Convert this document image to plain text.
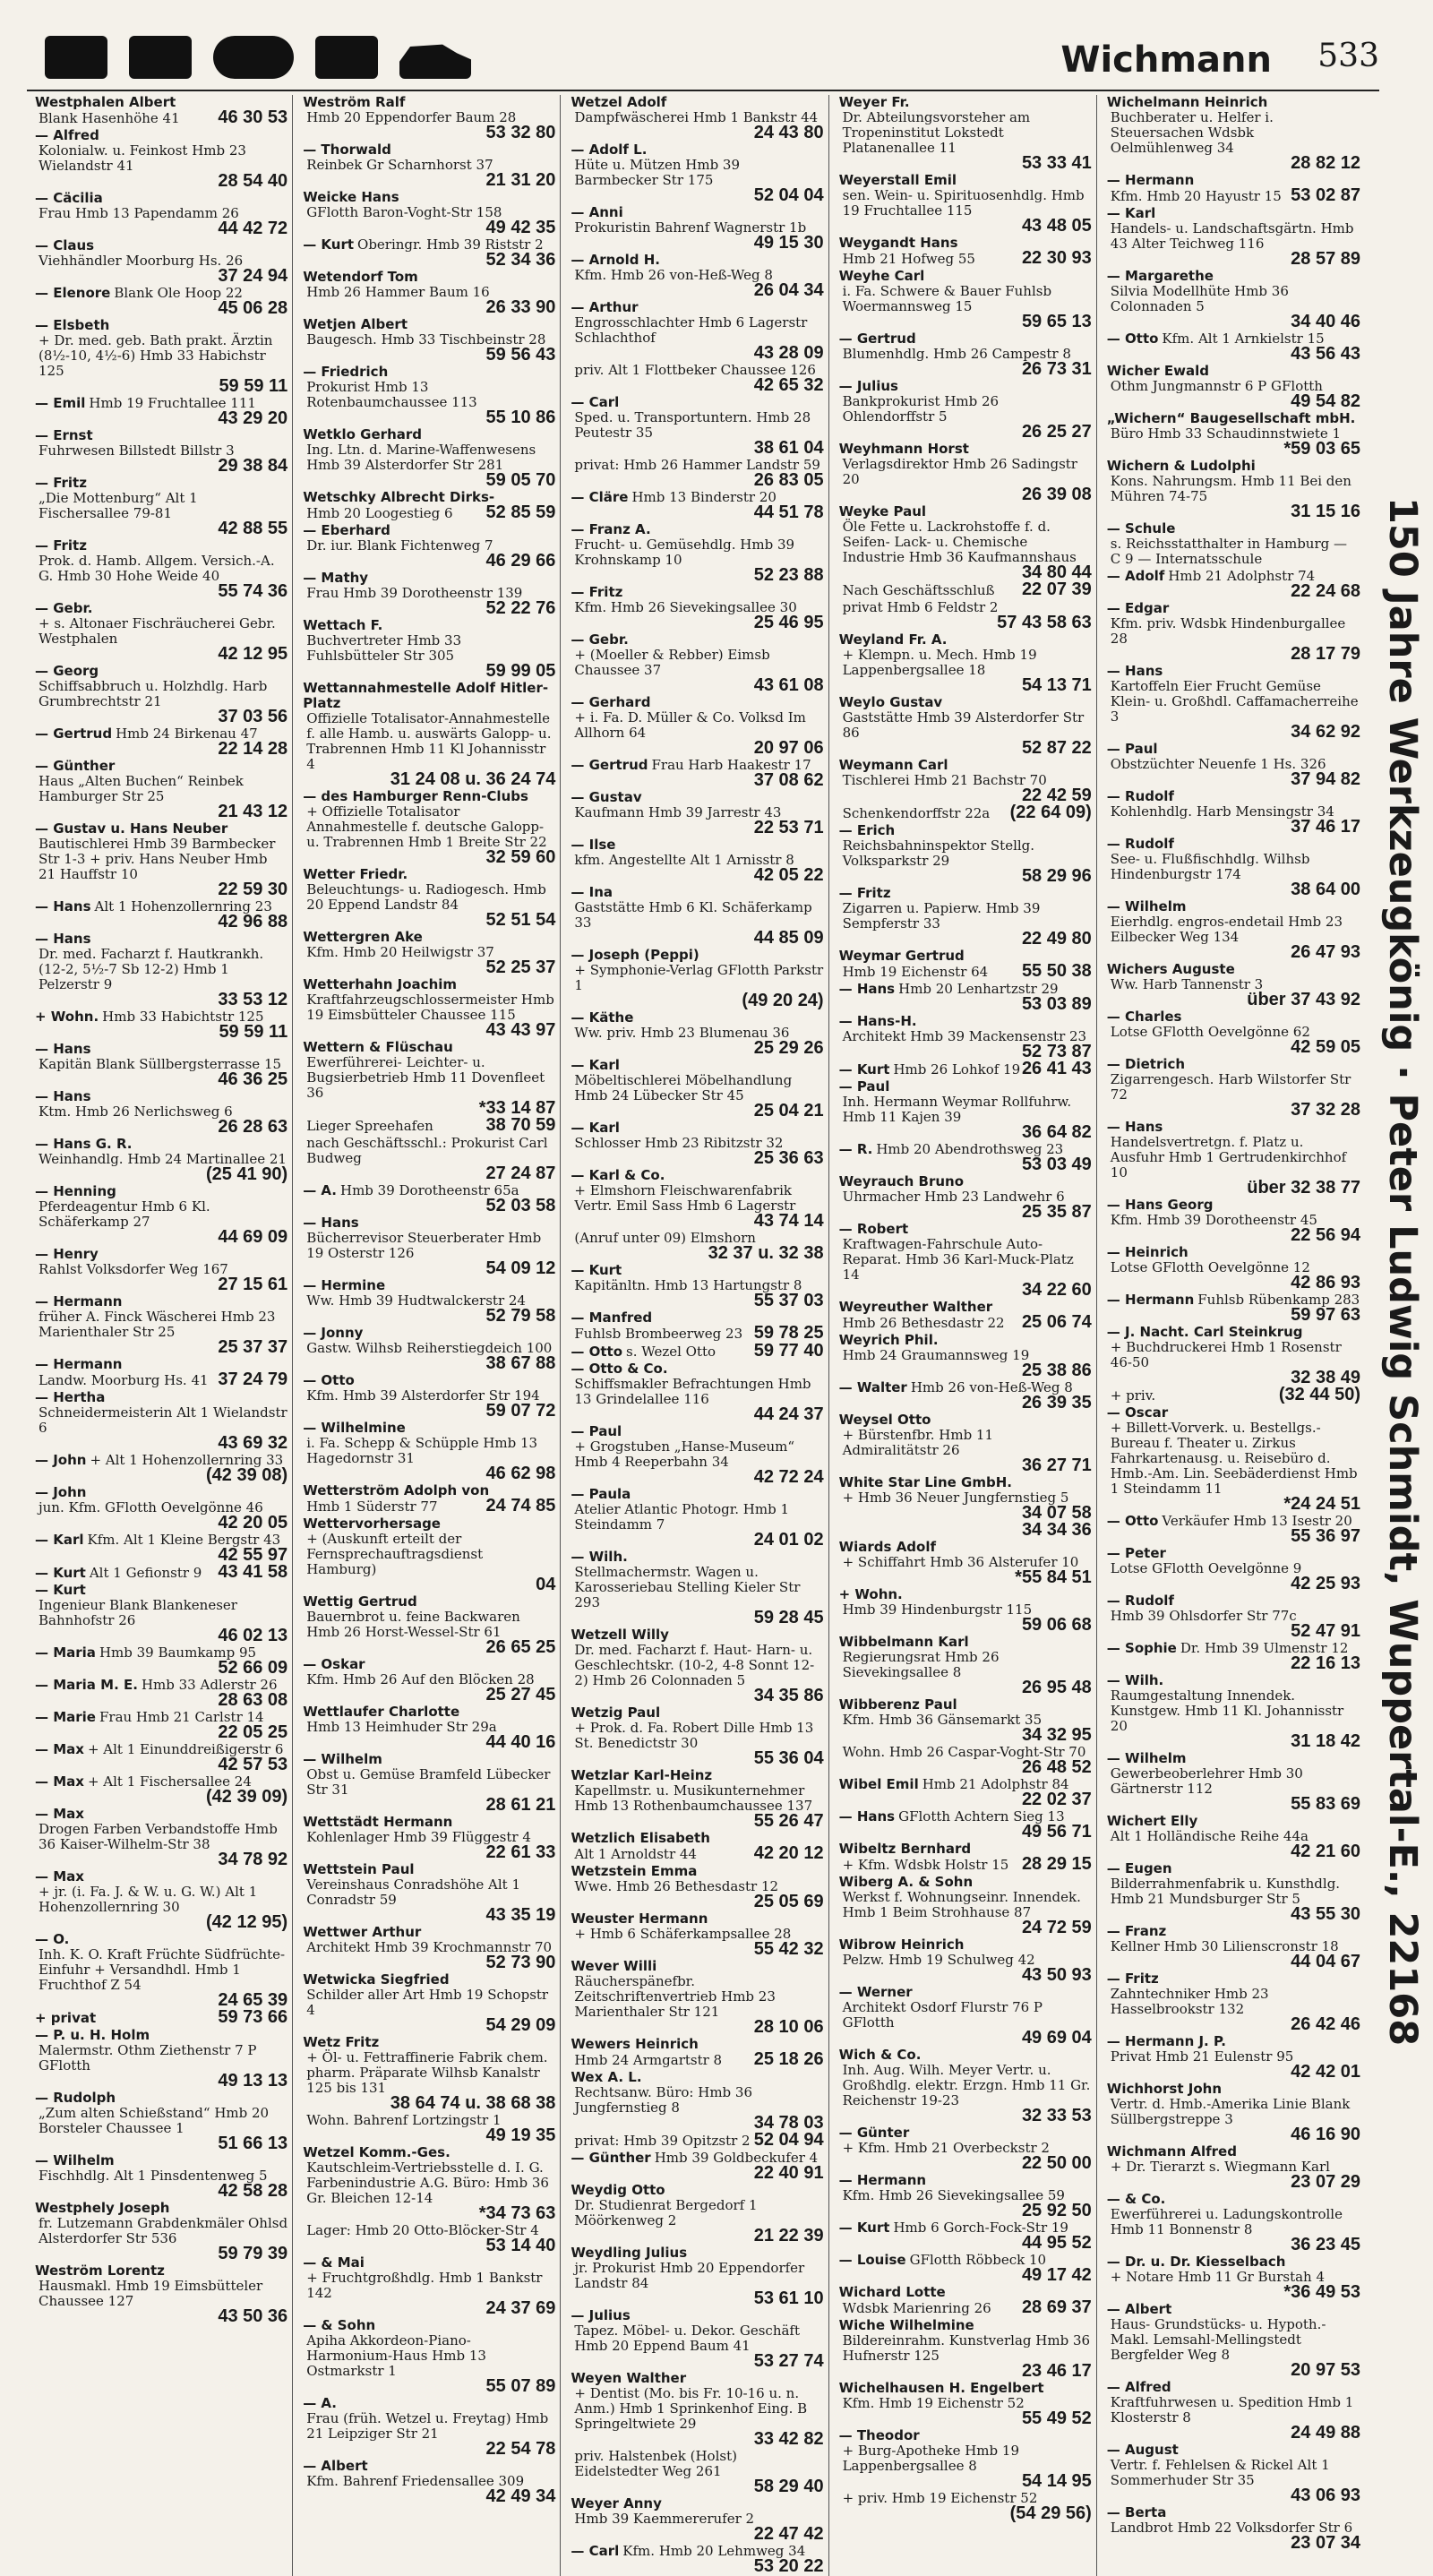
Wichmann 533
Westphalen Albert
Blank Hasenhöhe 41	46 30 53
— Alfred
Kolonialw. u. Feinkost Hmb 23 Wielandstr 41
28 54 40
— Cäcilia
Frau Hmb 13 Papendamm 26
44 42 72
— Claus
Viehhändler Moorburg Hs. 26
37 24 94
— Elenore Blank Ole Hoop 22
45 06 28
— Elsbeth
+ Dr. med. geb. Bath prakt. Ärztin (8½-10, 4½-6) Hmb 33 Habichstr 125
59 59 11
— Emil Hmb 19 Fruchtallee 111
43 29 20
— Ernst
Fuhrwesen Billstedt Billstr 3
29 38 84
— Fritz
„Die Mottenburg“ Alt 1 Fischersallee 79-81
42 88 55
— Fritz
Prok. d. Hamb. Allgem. Versich.-A. G. Hmb 30 Hohe Weide 40
55 74 36
— Gebr.
+ s. Altonaer Fischräucherei Gebr. Westphalen
42 12 95
— Georg
Schiffsabbruch u. Holzhdlg. Harb Grumbrechtstr 21
37 03 56
— Gertrud Hmb 24 Birkenau 47
22 14 28
— Günther
Haus „Alten Buchen“ Reinbek Hamburger Str 25
21 43 12
— Gustav u. Hans Neuber
Bautischlerei Hmb 39 Barmbecker Str 1-3 + priv. Hans Neuber Hmb 21 Hauffstr 10
22 59 30
— Hans Alt 1 Hohenzollernring 23
42 96 88
— Hans
Dr. med. Facharzt f. Hautkrankh. (12-2, 5½-7 Sb 12-2) Hmb 1 Pelzerstr 9
33 53 12
+ Wohn. Hmb 33 Habichtstr 125
59 59 11
— Hans
Kapitän Blank Süllbergsterrasse 15
46 36 25
— Hans
Ktm. Hmb 26 Nerlichsweg 6
26 28 63
— Hans G. R.
Weinhandlg. Hmb 24 Martinallee 21
(25 41 90)
— Henning
Pferdeagentur Hmb 6 Kl. Schäferkamp 27
44 69 09
— Henry
Rahlst Volksdorfer Weg 167
27 15 61
— Hermann
früher A. Finck Wäscherei Hmb 23 Marienthaler Str 25
25 37 37
— Hermann
Landw. Moorburg Hs. 41 37 24 79
— Hertha
Schneidermeisterin Alt 1 Wielandstr 6
43 69 32
— John + Alt 1 Hohenzollernring 33
(42 39 08)
— John
jun. Kfm. GFlotth Oevelgönne 46
42 20 05
— Karl Kfm. Alt 1 Kleine Bergstr 43
42 55 97
— Kurt Alt 1 Gefionstr 9 43 41 58
— Kurt
Ingenieur Blank Blankeneser Bahnhofstr 26
46 02 13
— Maria Hmb 39 Baumkamp 95
52 66 09
— Maria M. E. Hmb 33 Adlerstr 26
28 63 08
— Marie Frau Hmb 21 Carlstr 14
22 05 25
— Max + Alt 1 Einunddreißigerstr 6
42 57 53
— Max + Alt 1 Fischersallee 24
(42 39 09)
— Max
Drogen Farben Verbandstoffe Hmb 36 Kaiser-Wilhelm-Str 38
34 78 92
— Max
+ jr. (i. Fa. J. & W. u. G. W.) Alt 1 Hohenzollernring 30
(42 12 95)
— O.
Inh. K. O. Kraft Früchte Südfrüchte-Einfuhr + Versandhdl. Hmb 1 Fruchthof Z 54
24 65 39
+ privat	59 73 66
— P. u. H. Holm
Malermstr. Othm Ziethenstr 7 P GFlotth
49 13 13
— Rudolph
„Zum alten Schießstand“ Hmb 20 Borsteler Chaussee 1
51 66 13
— Wilhelm
Fischhdlg. Alt 1 Pinsdentenweg 5
42 58 28
Westphely Joseph
fr. Lutzemann Grabdenkmäler Ohlsd Alsterdorfer Str 536
59 79 39
Weström Lorentz
Hausmakl. Hmb 19 Eimsbütteler Chaussee 127
43 50 36
Weström Ralf
Hmb 20 Eppendorfer Baum 28
53 32 80
— Thorwald
Reinbek Gr Scharnhorst 37
21 31 20
Weicke Hans
GFlotth Baron-Voght-Str 158
49 42 35
— Kurt Oberingr. Hmb 39 Riststr 2
52 34 36
Wetendorf Tom
Hmb 26 Hammer Baum 16
26 33 90
Wetjen Albert
Baugesch. Hmb 33 Tischbeinstr 28
59 56 43
— Friedrich
Prokurist Hmb 13 Rotenbaumchaussee 113
55 10 86
Wetklo Gerhard
Ing. Ltn. d. Marine-Waffenwesens Hmb 39 Alsterdorfer Str 281
59 05 70
Wetschky Albrecht Dirks-
Hmb 20 Loogestieg 6	52 85 59
— Eberhard
Dr. iur. Blank Fichtenweg 7
46 29 66
— Mathy
Frau Hmb 39 Dorotheenstr 139
52 22 76
Wettach F.
Buchvertreter Hmb 33 Fuhlsbütteler Str 305
59 99 05
Wettannahmestelle Adolf Hitler-Platz
Offizielle Totalisator-Annahmestelle f. alle Hamb. u. auswärts Galopp- u. Trabrennen Hmb 11 Kl Johannisstr 4
31 24 08 u. 36 24 74
— des Hamburger Renn-Clubs
+ Offizielle Totalisator Annahmestelle f. deutsche Galopp- u. Trabrennen Hmb 1 Breite Str 22
32 59 60
Wetter Friedr.
Beleuchtungs- u. Radiogesch. Hmb 20 Eppend Landstr 84
52 51 54
Wettergren Ake
Kfm. Hmb 20 Heilwigstr 37
52 25 37
Wetterhahn Joachim
Kraftfahrzeugschlossermeister Hmb 19 Eimsbütteler Chaussee 115
43 43 97
Wettern & Flüschau
Ewerführerei- Leichter- u. Bugsierbetrieb Hmb 11 Dovenfleet 36
*33 14 87
Lieger Spreehafen	38 70 59
nach Geschäftsschl.: Prokurist Carl Budweg
27 24 87
— A. Hmb 39 Dorotheenstr 65a
52 03 58
— Hans
Bücherrevisor Steuerberater Hmb 19 Osterstr 126
54 09 12
— Hermine
Ww. Hmb 39 Hudtwalckerstr 24
52 79 58
— Jonny
Gastw. Wilhsb Reiherstiegdeich 100
38 67 88
— Otto
Kfm. Hmb 39 Alsterdorfer Str 194
59 07 72
— Wilhelmine
i. Fa. Schepp & Schüpple Hmb 13 Hagedornstr 31
46 62 98
Wetterström Adolph von
Hmb 1 Süderstr 77	24 74 85
Wettervorhersage
+ (Auskunft erteilt der Fernsprechauftragsdienst Hamburg)
04
Wettig Gertrud
Bauernbrot u. feine Backwaren Hmb 26 Horst-Wessel-Str 61
26 65 25
— Oskar
Kfm. Hmb 26 Auf den Blöcken 28
25 27 45
Wettlaufer Charlotte
Hmb 13 Heimhuder Str 29a
44 40 16
— Wilhelm
Obst u. Gemüse Bramfeld Lübecker Str 31
28 61 21
Wettstädt Hermann
Kohlenlager Hmb 39 Flüggestr 4
22 61 33
Wettstein Paul
Vereinshaus Conradshöhe Alt 1 Conradstr 59
43 35 19
Wettwer Arthur
Architekt Hmb 39 Krochmannstr 70
52 73 90
Wetwicka Siegfried
Schilder aller Art Hmb 19 Schopstr 4
54 29 09
Wetz Fritz
+ Öl- u. Fettraffinerie Fabrik chem. pharm. Präparate Wilhsb Kanalstr 125 bis 131
38 64 74 u. 38 68 38
Wohn. Bahrenf Lortzingstr 1
49 19 35
Wetzel Komm.-Ges.
Kautschleim-Vertriebsstelle d. I. G. Farbenindustrie A.G. Büro: Hmb 36 Gr. Bleichen 12-14
*34 73 63
Lager: Hmb 20 Otto-Blöcker-Str 4
53 14 40
— & Mai
+ Fruchtgroßhdlg. Hmb 1 Bankstr 142
24 37 69
— & Sohn
Apiha Akkordeon-Piano-Harmonium-Haus Hmb 13 Ostmarkstr 1
55 07 89
— A.
Frau (früh. Wetzel u. Freytag) Hmb 21 Leipziger Str 21
22 54 78
— Albert
Kfm. Bahrenf Friedensallee 309
42 49 34
Wetzel Adolf
Dampfwäscherei Hmb 1 Bankstr 44
24 43 80
— Adolf L.
Hüte u. Mützen Hmb 39 Barmbecker Str 175
52 04 04
— Anni
Prokuristin Bahrenf Wagnerstr 1b
49 15 30
— Arnold H.
Kfm. Hmb 26 von-Heß-Weg 8
26 04 34
— Arthur
Engrosschlachter Hmb 6 Lagerstr Schlachthof
43 28 09
priv. Alt 1 Flottbeker Chaussee 126
42 65 32
— Carl
Sped. u. Transportuntern. Hmb 28 Peutestr 35
38 61 04
privat: Hmb 26 Hammer Landstr 59
26 83 05
— Cläre Hmb 13 Binderstr 20
44 51 78
— Franz A.
Frucht- u. Gemüsehdlg. Hmb 39 Krohnskamp 10
52 23 88
— Fritz
Kfm. Hmb 26 Sievekingsallee 30
25 46 95
— Gebr.
+ (Moeller & Rebber) Eimsb Chaussee 37
43 61 08
— Gerhard
+ i. Fa. D. Müller & Co. Volksd Im Allhorn 64
20 97 06
— Gertrud Frau Harb Haakestr 17
37 08 62
— Gustav
Kaufmann Hmb 39 Jarrestr 43
22 53 71
— Ilse
kfm. Angestellte Alt 1 Arnisstr 8
42 05 22
— Ina
Gaststätte Hmb 6 Kl. Schäferkamp 33
44 85 09
— Joseph (Peppi)
+ Symphonie-Verlag GFlotth Parkstr 1
(49 20 24)
— Käthe
Ww. priv. Hmb 23 Blumenau 36
25 29 26
— Karl
Möbeltischlerei Möbelhandlung Hmb 24 Lübecker Str 45
25 04 21
— Karl
Schlosser Hmb 23 Ribitzstr 32
25 36 63
— Karl & Co.
+ Elmshorn Fleischwarenfabrik Vertr. Emil Sass Hmb 6 Lagerstr
43 74 14
(Anruf unter 09) Elmshorn
32 37 u. 32 38
— Kurt
Kapitänltn. Hmb 13 Hartungstr 8
55 37 03
— Manfred
Fuhlsb Brombeerweg 23 59 78 25
— Otto s. Wezel Otto	59 77 40
— Otto & Co.
Schiffsmakler Befrachtungen Hmb 13 Grindelallee 116
44 24 37
— Paul
+ Grogstuben „Hanse-Museum“ Hmb 4 Reeperbahn 34
42 72 24
— Paula
Atelier Atlantic Photogr. Hmb 1 Steindamm 7
24 01 02
— Wilh.
Stellmachermstr. Wagen u. Karosseriebau Stelling Kieler Str 293
59 28 45
Wetzell Willy
Dr. med. Facharzt f. Haut- Harn- u. Geschlechtskr. (10-2, 4-8 Sonnt 12-2) Hmb 26 Colonnaden 5
34 35 86
Wetzig Paul
+ Prok. d. Fa. Robert Dille Hmb 13 St. Benedictstr 30
55 36 04
Wetzlar Karl-Heinz
Kapellmstr. u. Musikunternehmer Hmb 13 Rothenbaumchaussee 137
55 26 47
Wetzlich Elisabeth
Alt 1 Arnoldstr 44	42 20 12
Wetzstein Emma
Wwe. Hmb 26 Bethesdastr 12
25 05 69
Weuster Hermann
+ Hmb 6 Schäferkampsallee 28
55 42 32
Wever Willi
Räucherspänefbr. Zeitschriftenvertrieb Hmb 23 Marienthaler Str 121
28 10 06
Wewers Heinrich
Hmb 24 Armgartstr 8	25 18 26
Wex A. L.
Rechtsanw. Büro: Hmb 36 Jungfernstieg 8
34 78 03
privat: Hmb 39 Opitzstr 2 52 04 94
— Günther Hmb 39 Goldbeckufer 4
22 40 91
Weydig Otto
Dr. Studienrat Bergedorf 1 Möörkenweg 2
21 22 39
Weydling Julius
jr. Prokurist Hmb 20 Eppendorfer Landstr 84
53 61 10
— Julius
Tapez. Möbel- u. Dekor. Geschäft Hmb 20 Eppend Baum 41
53 27 74
Weyen Walther
+ Dentist (Mo. bis Fr. 10-16 u. n. Anm.) Hmb 1 Sprinkenhof Eing. B Springeltwiete 29
33 42 82
priv. Halstenbek (Holst) Eidelstedter Weg 261
58 29 40
Weyer Anny
Hmb 39 Kaemmererufer 2
22 47 42
— Carl Kfm. Hmb 20 Lehmweg 34
53 20 22
Weyer Fr.
Dr. Abteilungsvorsteher am Tropeninstitut Lokstedt Platanenallee 11
53 33 41
Weyerstall Emil
sen. Wein- u. Spirituosenhdlg. Hmb 19 Fruchtallee 115
43 48 05
Weygandt Hans
Hmb 21 Hofweg 55	22 30 93
Weyhe Carl
i. Fa. Schwere & Bauer Fuhlsb Woermannsweg 15
59 65 13
— Gertrud
Blumenhdlg. Hmb 26 Campestr 8
26 73 31
— Julius
Bankprokurist Hmb 26 Ohlendorffstr 5
26 25 27
Weyhmann Horst
Verlagsdirektor Hmb 26 Sadingstr 20
26 39 08
Weyke Paul
Öle Fette u. Lackrohstoffe f. d. Seifen- Lack- u. Chemische Industrie Hmb 36 Kaufmannshaus
34 80 44
Nach Geschäftsschluß	22 07 39
privat Hmb 6 Feldstr 2
57 43 58 63
Weyland Fr. A.
+ Klempn. u. Mech. Hmb 19 Lappenbergsallee 18
54 13 71
Weylo Gustav
Gaststätte Hmb 39 Alsterdorfer Str 86
52 87 22
Weymann Carl
Tischlerei Hmb 21 Bachstr 70
22 42 59
Schenkendorffstr 22a	(22 64 09)
— Erich
Reichsbahninspektor Stellg. Volksparkstr 29
58 29 96
— Fritz
Zigarren u. Papierw. Hmb 39 Sempferstr 33
22 49 80
Weymar Gertrud
Hmb 19 Eichenstr 64	55 50 38
— Hans Hmb 20 Lenhartzstr 29
53 03 89
— Hans-H.
Architekt Hmb 39 Mackensenstr 23
52 73 87
— Kurt Hmb 26 Lohkof 19 26 41 43
— Paul
Inh. Hermann Weymar Rollfuhrw. Hmb 11 Kajen 39
36 64 82
— R. Hmb 20 Abendrothsweg 23
53 03 49
Weyrauch Bruno
Uhrmacher Hmb 23 Landwehr 6
25 35 87
— Robert
Kraftwagen-Fahrschule Auto-Reparat. Hmb 36 Karl-Muck-Platz 14
34 22 60
Weyreuther Walther
Hmb 26 Bethesdastr 22 25 06 74
Weyrich Phil.
Hmb 24 Graumannsweg 19
25 38 86
— Walter Hmb 26 von-Heß-Weg 8
26 39 35
Weysel Otto
+ Bürstenfbr. Hmb 11 Admiralitätstr 26
36 27 71
White Star Line GmbH.
+ Hmb 36 Neuer Jungfernstieg 5
34 07 58
34 34 36
Wiards Adolf
+ Schiffahrt Hmb 36 Alsterufer 10
*55 84 51
+ Wohn.
Hmb 39 Hindenburgstr 115
59 06 68
Wibbelmann Karl
Regierungsrat Hmb 26 Sievekingsallee 8
26 95 48
Wibberenz Paul
Kfm. Hmb 36 Gänsemarkt 35
34 32 95
Wohn. Hmb 26 Caspar-Voght-Str 70
26 48 52
Wibel Emil Hmb 21 Adolphstr 84
22 02 37
— Hans GFlotth Achtern Sieg 13
49 56 71
Wibeltz Bernhard
+ Kfm. Wdsbk Holstr 15 28 29 15
Wiberg A. & Sohn
Werkst f. Wohnungseinr. Innendek. Hmb 1 Beim Strohhause 87
24 72 59
Wibrow Heinrich
Pelzw. Hmb 19 Schulweg 42
43 50 93
— Werner
Architekt Osdorf Flurstr 76 P GFlotth
49 69 04
Wich & Co.
Inh. Aug. Wilh. Meyer Vertr. u. Großhdlg. elektr. Erzgn. Hmb 11 Gr. Reichenstr 19-23
32 33 53
— Günter
+ Kfm. Hmb 21 Overbeckstr 2
22 50 00
— Hermann
Kfm. Hmb 26 Sievekingsallee 59
25 92 50
— Kurt Hmb 6 Gorch-Fock-Str 19
44 95 52
— Louise GFlotth Röbbeck 10
49 17 42
Wichard Lotte
Wdsbk Marienring 26	28 69 37
Wiche Wilhelmine
Bildereinrahm. Kunstverlag Hmb 36 Hufnerstr 125
23 46 17
Wichelhausen H. Engelbert
Kfm. Hmb 19 Eichenstr 52
55 49 52
— Theodor
+ Burg-Apotheke Hmb 19 Lappenbergsallee 8
54 14 95
+ priv. Hmb 19 Eichenstr 52
(54 29 56)
Wichelmann Heinrich
Buchberater u. Helfer i. Steuersachen Wdsbk Oelmühlenweg 34
28 82 12
— Hermann
Kfm. Hmb 20 Hayustr 15 53 02 87
— Karl
Handels- u. Landschaftsgärtn. Hmb 43 Alter Teichweg 116
28 57 89
— Margarethe
Silvia Modellhüte Hmb 36 Colonnaden 5
34 40 46
— Otto Kfm. Alt 1 Arnkielstr 15
43 56 43
Wicher Ewald
Othm Jungmannstr 6 P GFlotth
49 54 82
„Wichern“ Baugesellschaft mbH.
Büro Hmb 33 Schaudinnstwiete 1
*59 03 65
Wichern & Ludolphi
Kons. Nahrungsm. Hmb 11 Bei den Mühren 74-75
31 15 16
— Schule
s. Reichsstatthalter in Hamburg — C 9 — Internatsschule
— Adolf Hmb 21 Adolphstr 74
22 24 68
— Edgar
Kfm. priv. Wdsbk Hindenburgallee 28
28 17 79
— Hans
Kartoffeln Eier Frucht Gemüse Klein- u. Großhdl. Caffamacherreihe 3
34 62 92
— Paul
Obstzüchter Neuenfe 1 Hs. 326
37 94 82
— Rudolf
Kohlenhdlg. Harb Mensingstr 34
37 46 17
— Rudolf
See- u. Flußfischhdlg. Wilhsb Hindenburgstr 174
38 64 00
— Wilhelm
Eierhdlg. engros-endetail Hmb 23 Eilbecker Weg 134
26 47 93
Wichers Auguste
Ww. Harb Tannenstr 3
über 37 43 92
— Charles
Lotse GFlotth Oevelgönne 62
42 59 05
— Dietrich
Zigarrengesch. Harb Wilstorfer Str 72
37 32 28
— Hans
Handelsvertretgn. f. Platz u. Ausfuhr Hmb 1 Gertrudenkirchhof 10
über 32 38 77
— Hans Georg
Kfm. Hmb 39 Dorotheenstr 45
22 56 94
— Heinrich
Lotse GFlotth Oevelgönne 12
42 86 93
— Hermann Fuhlsb Rübenkamp 283
59 97 63
— J. Nacht. Carl Steinkrug
+ Buchdruckerei Hmb 1 Rosenstr 46-50
32 38 49
+ priv.	(32 44 50)
— Oscar
+ Billett-Vorverk. u. Bestellgs.-Bureau f. Theater u. Zirkus Fahrkartenausg. u. Reisebüro d. Hmb.-Am. Lin. Seebäderdienst Hmb 1 Steindamm 11
*24 24 51
— Otto Verkäufer Hmb 13 Isestr 20
55 36 97
— Peter
Lotse GFlotth Oevelgönne 9
42 25 93
— Rudolf
Hmb 39 Ohlsdorfer Str 77c
52 47 91
— Sophie Dr. Hmb 39 Ulmenstr 12
22 16 13
— Wilh.
Raumgestaltung Innendek. Kunstgew. Hmb 11 Kl. Johannisstr 20
31 18 42
— Wilhelm
Gewerbeoberlehrer Hmb 30 Gärtnerstr 112
55 83 69
Wichert Elly
Alt 1 Holländische Reihe 44a
42 21 60
— Eugen
Bilderrahmenfabrik u. Kunsthdlg. Hmb 21 Mundsburger Str 5
43 55 30
— Franz
Kellner Hmb 30 Lilienscronstr 18
44 04 67
— Fritz
Zahntechniker Hmb 23 Hasselbrookstr 132
26 42 46
— Hermann J. P.
Privat Hmb 21 Eulenstr 95
42 42 01
Wichhorst John
Vertr. d. Hmb.-Amerika Linie Blank Süllbergstreppe 3
46 16 90
Wichmann Alfred
+ Dr. Tierarzt s. Wiegmann Karl
23 07 29
— & Co.
Ewerführerei u. Ladungskontrolle Hmb 11 Bonnenstr 8
36 23 45
— Dr. u. Dr. Kiesselbach
+ Notare Hmb 11 Gr Burstah 4
*36 49 53
— Albert
Haus- Grundstücks- u. Hypoth.-Makl. Lemsahl-Mellingstedt Bergfelder Weg 8
20 97 53
— Alfred
Kraftfuhrwesen u. Spedition Hmb 1 Klosterstr 8
24 49 88
— August
Vertr. f. Fehlelsen & Rickel Alt 1 Sommerhuder Str 35
43 06 93
— Berta
Landbrot Hmb 22 Volksdorfer Str 6
23 07 34
150 Jahre Werkzeugkönig · Peter Ludwig Schmidt, Wuppertal-E., 22168
